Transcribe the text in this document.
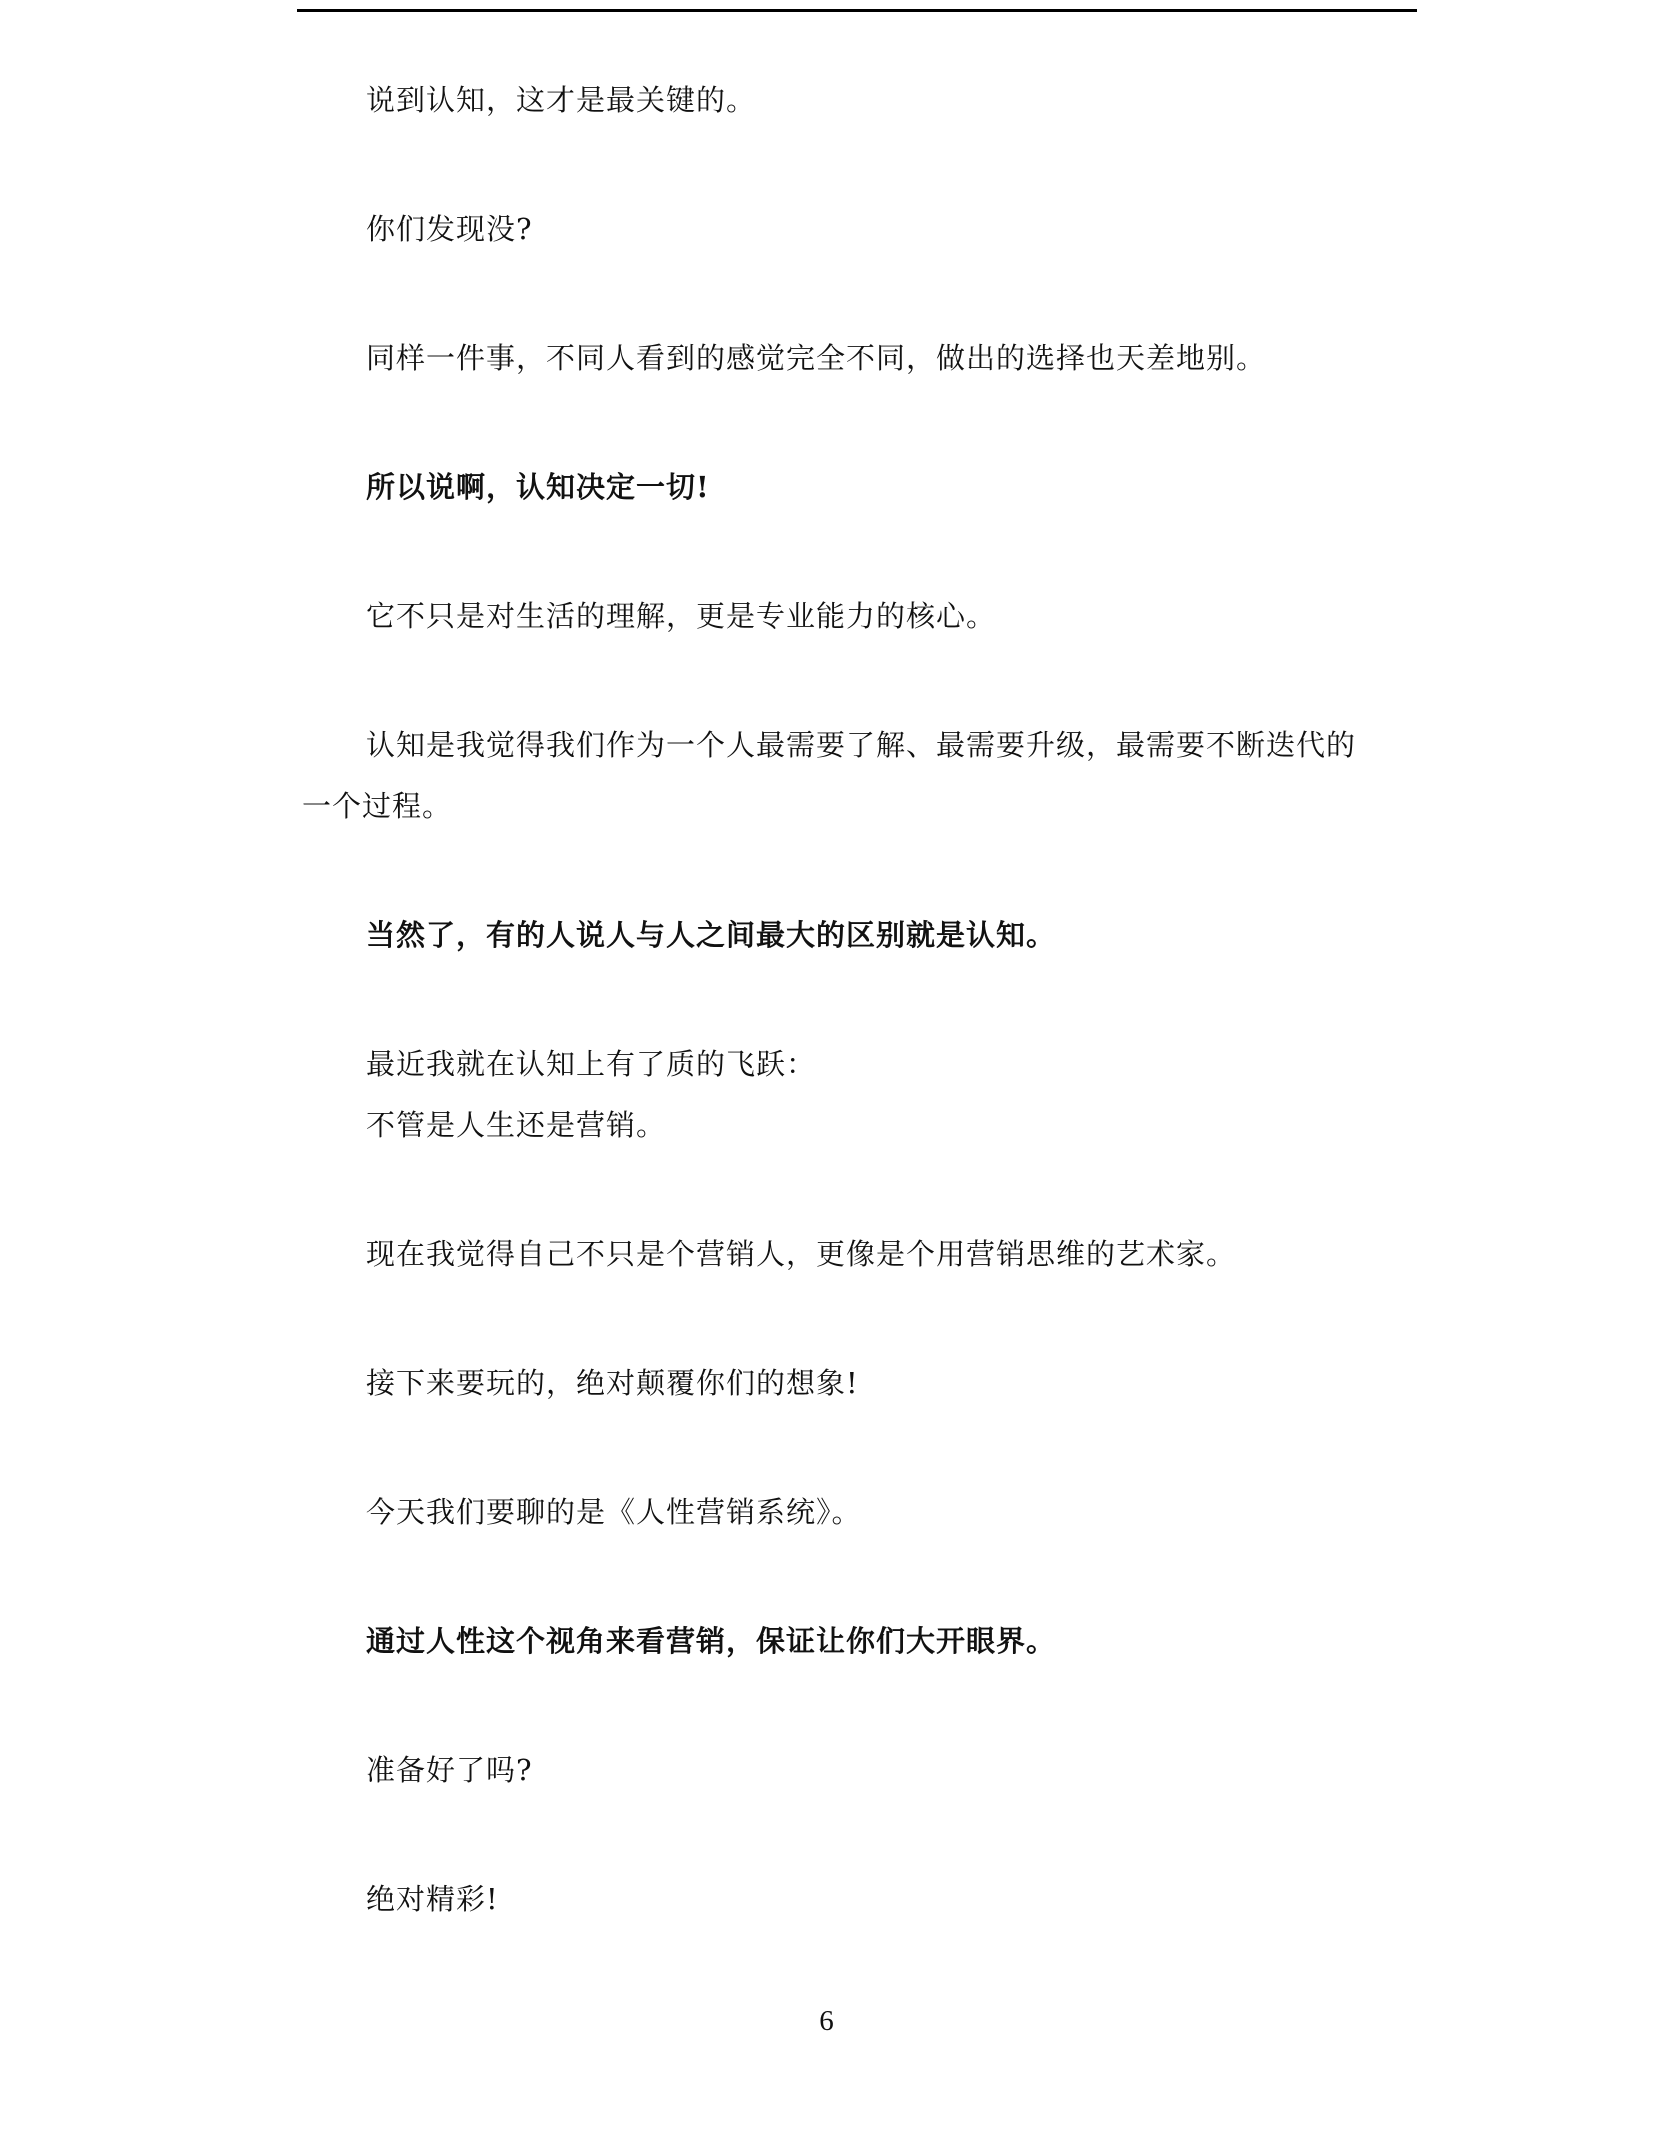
说到认知，这才是最关键的。
你们发现没?
同样一件事，不同人看到的感觉完全不同，做出的选择也天差地别。
所以说啊，认知决定一切!
它不只是对生活的理解，更是专业能力的核心。
认知是我觉得我们作为一个人最需要了解、最需要升级，最需要不断迭代的
一个过程。
当然了，有的人说人与人之间最大的区别就是认知。
最近我就在认知上有了质的飞跃：
不管是人生还是营销。
现在我觉得自己不只是个营销人，更像是个用营销思维的艺术家。
接下来要玩的，绝对颠覆你们的想象!
今天我们要聊的是《人性营销系统》。
通过人性这个视角来看营销，保证让你们大开眼界。
准备好了吗?
绝对精彩!
6
